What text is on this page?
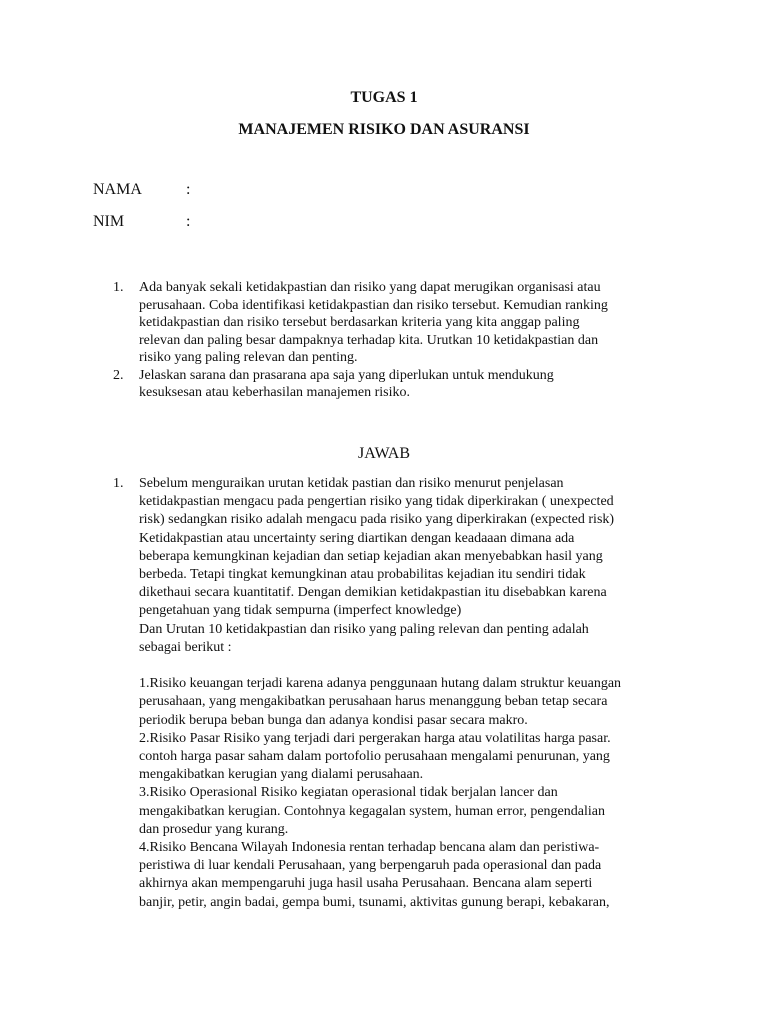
TUGAS 1
MANAJEMEN RISIKO DAN ASURANSI
NAMA	:
NIM	:
1. Ada banyak sekali ketidakpastian dan risiko yang dapat merugikan organisasi atau
perusahaan. Coba identifikasi ketidakpastian dan risiko tersebut. Kemudian ranking
ketidakpastian dan risiko tersebut berdasarkan kriteria yang kita anggap paling
relevan dan paling besar dampaknya terhadap kita. Urutkan 10 ketidakpastian dan
risiko yang paling relevan dan penting.
2. Jelaskan sarana dan prasarana apa saja yang diperlukan untuk mendukung
kesuksesan atau keberhasilan manajemen risiko.
JAWAB
1. Sebelum menguraikan urutan ketidak pastian dan risiko menurut penjelasan
ketidakpastian mengacu pada pengertian risiko yang tidak diperkirakan ( unexpected
risk) sedangkan risiko adalah mengacu pada risiko yang diperkirakan (expected risk)
Ketidakpastian atau uncertainty sering diartikan dengan keadaaan dimana ada
beberapa kemungkinan kejadian dan setiap kejadian akan menyebabkan hasil yang
berbeda. Tetapi tingkat kemungkinan atau probabilitas kejadian itu sendiri tidak
dikethaui secara kuantitatif. Dengan demikian ketidakpastian itu disebabkan karena
pengetahuan yang tidak sempurna (imperfect knowledge)
Dan Urutan 10 ketidakpastian dan risiko yang paling relevan dan penting adalah
sebagai berikut :
1.Risiko keuangan terjadi karena adanya penggunaan hutang dalam struktur keuangan
perusahaan, yang mengakibatkan perusahaan harus menanggung beban tetap secara
periodik berupa beban bunga dan adanya kondisi pasar secara makro.
2.Risiko Pasar Risiko yang terjadi dari pergerakan harga atau volatilitas harga pasar.
contoh harga pasar saham dalam portofolio perusahaan mengalami penurunan, yang
mengakibatkan kerugian yang dialami perusahaan.
3.Risiko Operasional Risiko kegiatan operasional tidak berjalan lancer dan
mengakibatkan kerugian. Contohnya kegagalan system, human error, pengendalian
dan prosedur yang kurang.
4.Risiko Bencana Wilayah Indonesia rentan terhadap bencana alam dan peristiwa-
peristiwa di luar kendali Perusahaan, yang berpengaruh pada operasional dan pada
akhirnya akan mempengaruhi juga hasil usaha Perusahaan. Bencana alam seperti
banjir, petir, angin badai, gempa bumi, tsunami, aktivitas gunung berapi, kebakaran,
